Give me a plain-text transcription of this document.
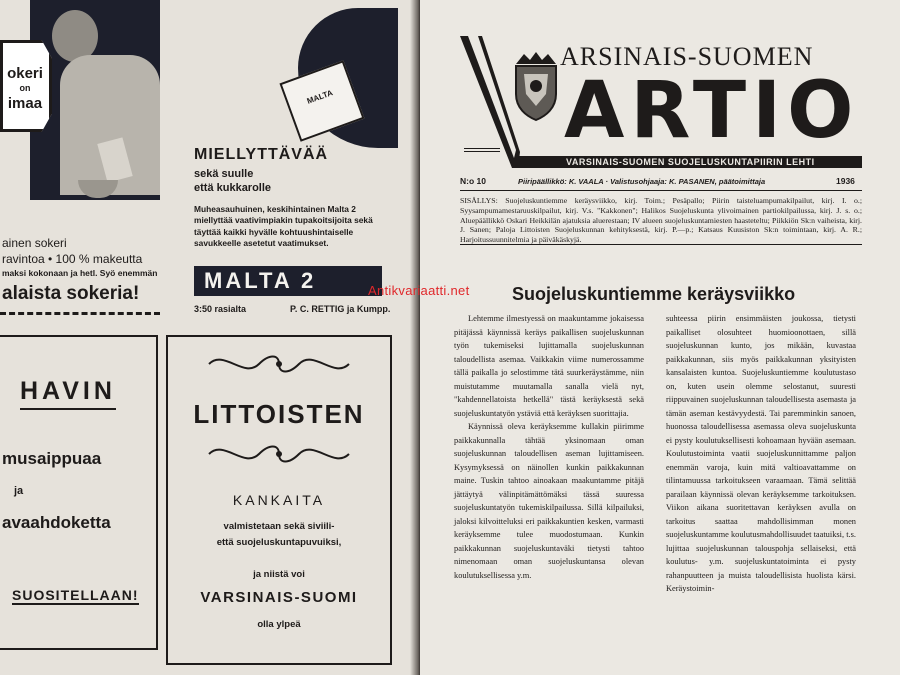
okeri
on
imaa
ainen sokeri
ravintoa • 100 % makeutta
maksi kokonaan ja hetl. Syö enemmän
alaista sokeria!
MALTA
MIELLYTTÄVÄÄ
sekä suulle
että kukkarolle
Muheasauhuinen, keskihintainen Malta 2 miellyttää vaativimpiakin tupakoitsijoita sekä täyttää kaikki hyvälle kohtuushintaiselle savukkeelle asetetut vaatimukset.
MALTA 2
3:50 rasialta	P. C. RETTIG ja Kumpp.
HAVIN
musaippuaa
ja
avaahdoketta
SUOSITELLAAN!
LITTOISTEN
KANKAITA
valmistetaan sekä siviili-
että suojeluskuntapuvuiksi,
ja niistä voi
VARSINAIS-SUOMI
olla ylpeä
ARSINAIS-SUOMEN
ARTIO
VARSINAIS-SUOMEN SUOJELUSKUNTAPIIRIN LEHTI
N:o 10	Piiripäällikkö: K. VAALA · Valistusohjaaja: K. PASANEN, päätoimittaja	1936
SISÄLLYS: Suojeluskuntiemme keräysviikko, kirj. Toim.; Pesäpallo; Piirin taisteluampumakilpailut, kirj. I. o.; Syysampumamestaruuskilpailut, kirj. V.s. "Kakkonen"; Halikos Suojeluskunta ylivoimainen partiokilpailussa, kirj. J. s. o.; Aluepäällikkö Oskari Heikkilän ajatuksia aluerestaan; IV alueen suojeluskuntamiesten haasteteltu; Piikkiön Sk:n vaiheista, kirj. J. Sanen; Paloja Littoisten Suojeluskunnan kehityksestä, kirj. P.—p.; Katsaus Kuusiston Sk:n toimintaan, kirj. A. R.; Harjoitussuunnitelmia ja päiväkäskyjä.
Suojeluskuntiemme keräysviikko

Lehtemme ilmestyessä on maakuntamme jokaisessa pitäjässä käynnissä keräys paikallisen suojeluskunnan työn tukemiseksi lujittamalla suojeluskunnan taloudellista asemaa. Vaikkakin viime numerossamme tällä paikalla jo selostimme tätä suurkeräystämme, niin muistutamme muutamalla sanalla vielä nyt, "kahdennellatoista hetkellä" tästä keräyksestä sekä suojeluskuntatyön ystäviä että keräyksen suorittajia.

Käynnissä oleva keräyksemme kullakin piirimme paikkakunnalla tähtää yksinomaan oman suojeluskunnan taloudellisen aseman lujittamiseen. Kysymyksessä on näinollen kunkin paikkakunnan maine. Tuskin tahtoo ainoakaan maakuntamme pitäjä jättäytyä välinpitämättömäksi tässä suuressa suojeluskuntatyön tukemiskilpailussa. Sillä kilpailuksi, jaloksi kilvoitteluksi eri paikkakuntien kesken, varmasti keräyksemme tulee muodostumaan. Kunkin paikkakunnan suojeluskuntaväki tietysti tahtoo nimenomaan oman suojeluskuntansa olevan koulutuksellisessa y.m.

suhteessa piirin ensimmäisten joukossa, tietysti paikalliset olosuhteet huomioonottaen, sillä suojeluskunnan kunto, jos mikään, kuvastaa paikkakunnan, siis myös paikkakunnan yksityisten kansalaisten kuntoa. Suojeluskuntiemme koulutustaso on, kuten usein olemme selostanut, suuresti riippuvainen suojeluskunnan taloudellisesta asemasta ja tämän aseman kestävyydestä. Tai paremminkin sanoen, huonossa taloudellisessa asemassa oleva suojeluskunta ei pysty koulutuksellisesti kohoamaan hyvään asemaan. Koulutustoiminta vaatii suojeluskunnittamme paljon enemmän varoja, kuin mitä valtioavattamme on tilintamuussa tarkoitukseen varaamaan. Tämä selittää parailaan käynnissä olevan keräyksemme tarkoituksen. Viikon aikana suoritettavan keräyksen avulla on tarkoitus saattaa mahdollisimman monen suojeluskuntamme koulutusmahdollisuudet taatuiksi, t.s. lujittaa suojeluskunnan talouspohja sellaiseksi, että koulutus- y.m. suojeluskuntatoiminta ei pysty rahanpuutteen ja muista taloudellisista huolista kärsi. Keräystoimin-

Antikvariaatti.net
